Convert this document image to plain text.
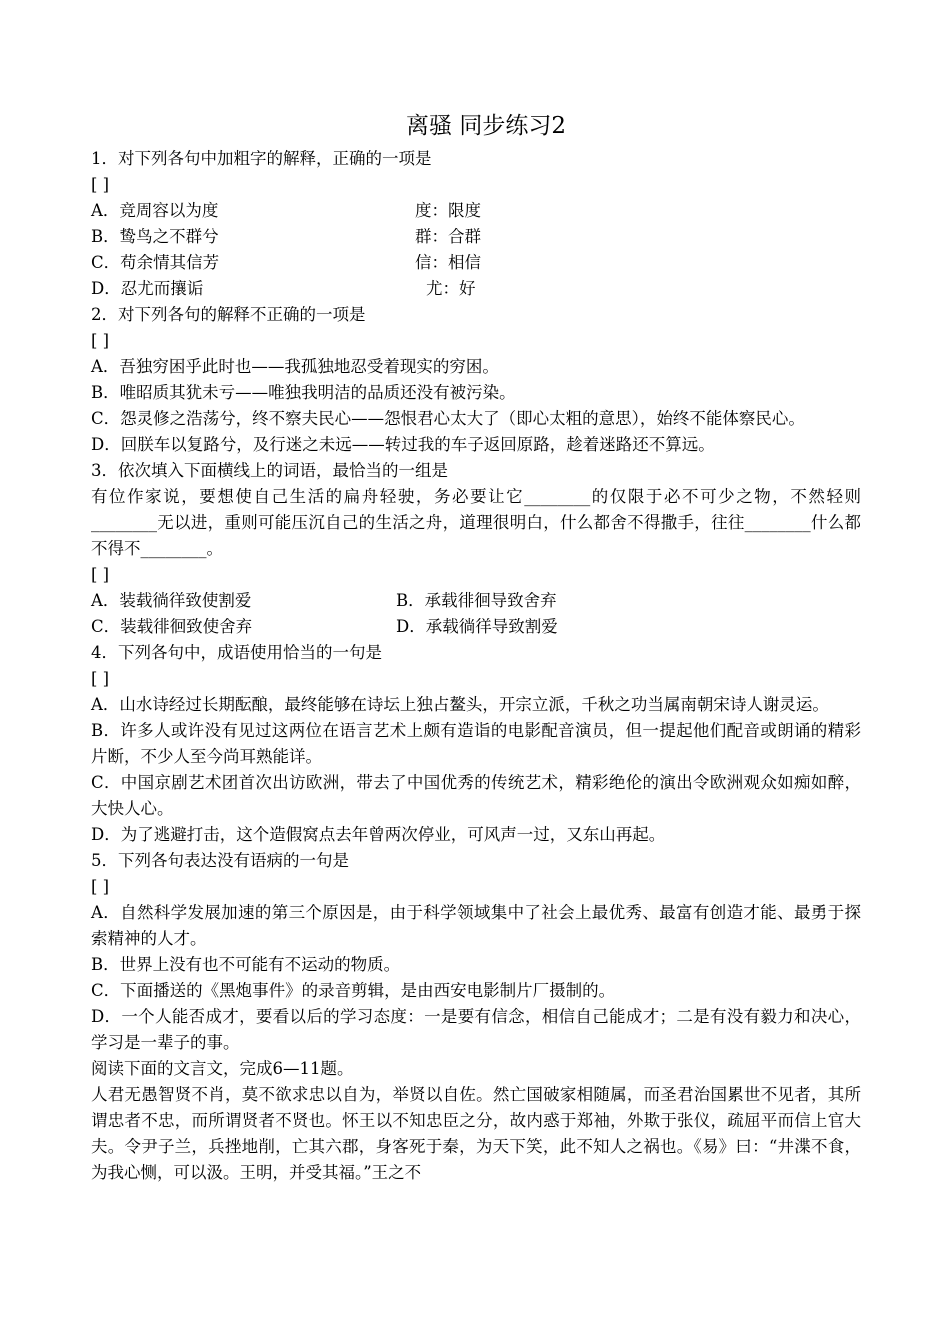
离骚 同步练习2
1．对下列各句中加粗字的解释，正确的一项是
[ ]
A．竞周容以为度	度：限度
B．鸷鸟之不群兮	群：合群
C．苟余情其信芳	信：相信
D．忍尤而攘诟	尤：好
2．对下列各句的解释不正确的一项是
[ ]
A．吾独穷困乎此时也——我孤独地忍受着现实的穷困。
B．唯昭质其犹未亏——唯独我明洁的品质还没有被污染。
C．怨灵修之浩荡兮，终不察夫民心——怨恨君心太大了（即心太粗的意思），始终不能体察民心。
D．回朕车以复路兮，及行迷之未远——转过我的车子返回原路，趁着迷路还不算远。
3．依次填入下面横线上的词语，最恰当的一组是
有位作家说，要想使自己生活的扁舟轻驶，务必要让它________的仅限于必不可少之物，不然轻则________无以进，重则可能压沉自己的生活之舟，道理很明白，什么都舍不得撒手，往往________什么都不得不________。
[ ]
A．装载徜徉致使割爱	B．承载徘徊导致舍弃
C．装载徘徊致使舍弃	D．承载徜徉导致割爱
4．下列各句中，成语使用恰当的一句是
[ ]
A．山水诗经过长期酝酿，最终能够在诗坛上独占鳌头，开宗立派，千秋之功当属南朝宋诗人谢灵运。
B．许多人或许没有见过这两位在语言艺术上颇有造诣的电影配音演员，但一提起他们配音或朗诵的精彩片断，不少人至今尚耳熟能详。
C．中国京剧艺术团首次出访欧洲，带去了中国优秀的传统艺术，精彩绝伦的演出令欧洲观众如痴如醉，大快人心。
D．为了逃避打击，这个造假窝点去年曾两次停业，可风声一过，又东山再起。
5．下列各句表达没有语病的一句是
[ ]
A．自然科学发展加速的第三个原因是，由于科学领域集中了社会上最优秀、最富有创造才能、最勇于探索精神的人才。
B．世界上没有也不可能有不运动的物质。
C．下面播送的《黑炮事件》的录音剪辑，是由西安电影制片厂摄制的。
D．一个人能否成才，要看以后的学习态度：一是要有信念，相信自己能成才；二是有没有毅力和决心，学习是一辈子的事。
阅读下面的文言文，完成6—11题。
人君无愚智贤不肖，莫不欲求忠以自为，举贤以自佐。然亡国破家相随属，而圣君治国累世不见者，其所谓忠者不忠，而所谓贤者不贤也。怀王以不知忠臣之分，故内惑于郑袖，外欺于张仪，疏屈平而信上官大夫。令尹子兰，兵挫地削，亡其六郡，身客死于秦，为天下笑，此不知人之祸也。《易》曰：“井渫不食，为我心恻，可以汲。王明，并受其福。”王之不
